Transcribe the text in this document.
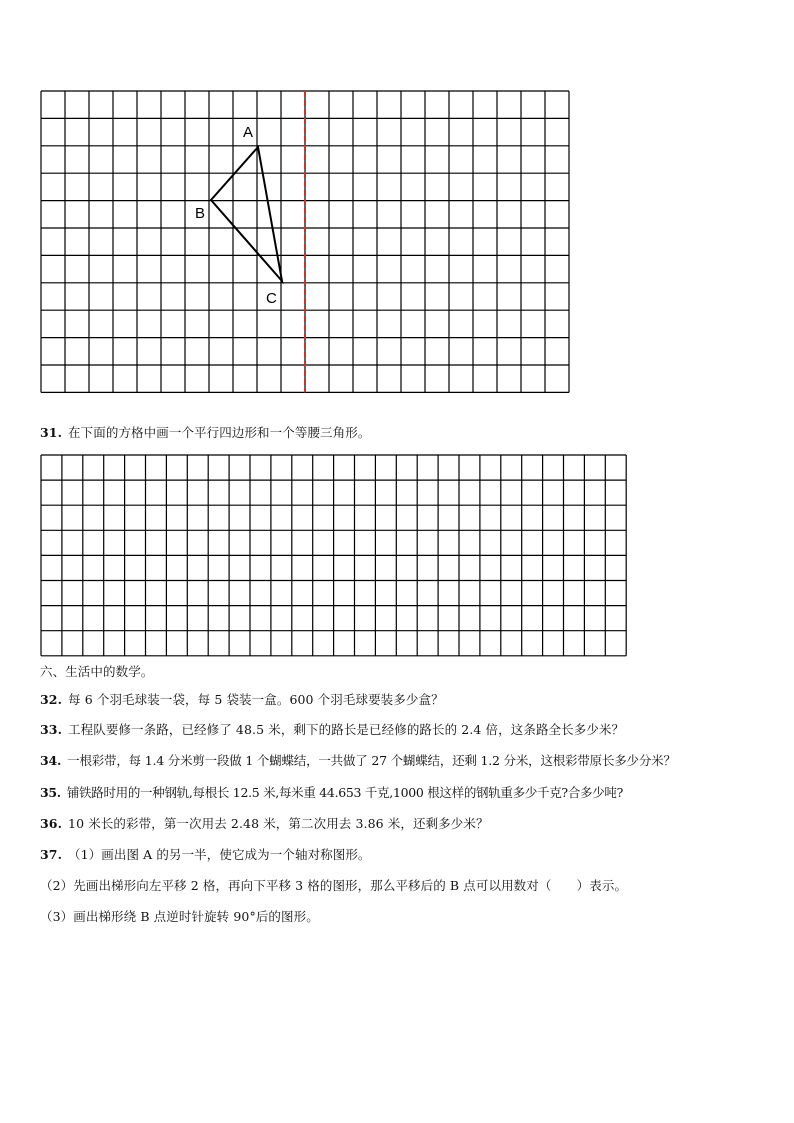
A
B
C
31. 在下面的方格中画一个平行四边形和一个等腰三角形。
六、生活中的数学。
32. 每 6 个羽毛球装一袋，每 5 袋装一盒。600 个羽毛球要装多少盒？
33. 工程队要修一条路，已经修了 48.5 米，剩下的路长是已经修的路长的 2.4 倍，这条路全长多少米？
34. 一根彩带，每 1.4 分米剪一段做 1 个蝴蝶结，一共做了 27 个蝴蝶结，还剩 1.2 分米，这根彩带原长多少分米？
35. 铺铁路时用的一种钢轨,每根长 12.5 米,每米重 44.653 千克,1000 根这样的钢轨重多少千克?合多少吨?
36. 10 米长的彩带，第一次用去 2.48 米，第二次用去 3.86 米，还剩多少米？
37. （1）画出图 A 的另一半，使它成为一个轴对称图形。
（2）先画出梯形向左平移 2 格，再向下平移 3 格的图形，那么平移后的 B 点可以用数对（　　）表示。
（3）画出梯形绕 B 点逆时针旋转 90°后的图形。
